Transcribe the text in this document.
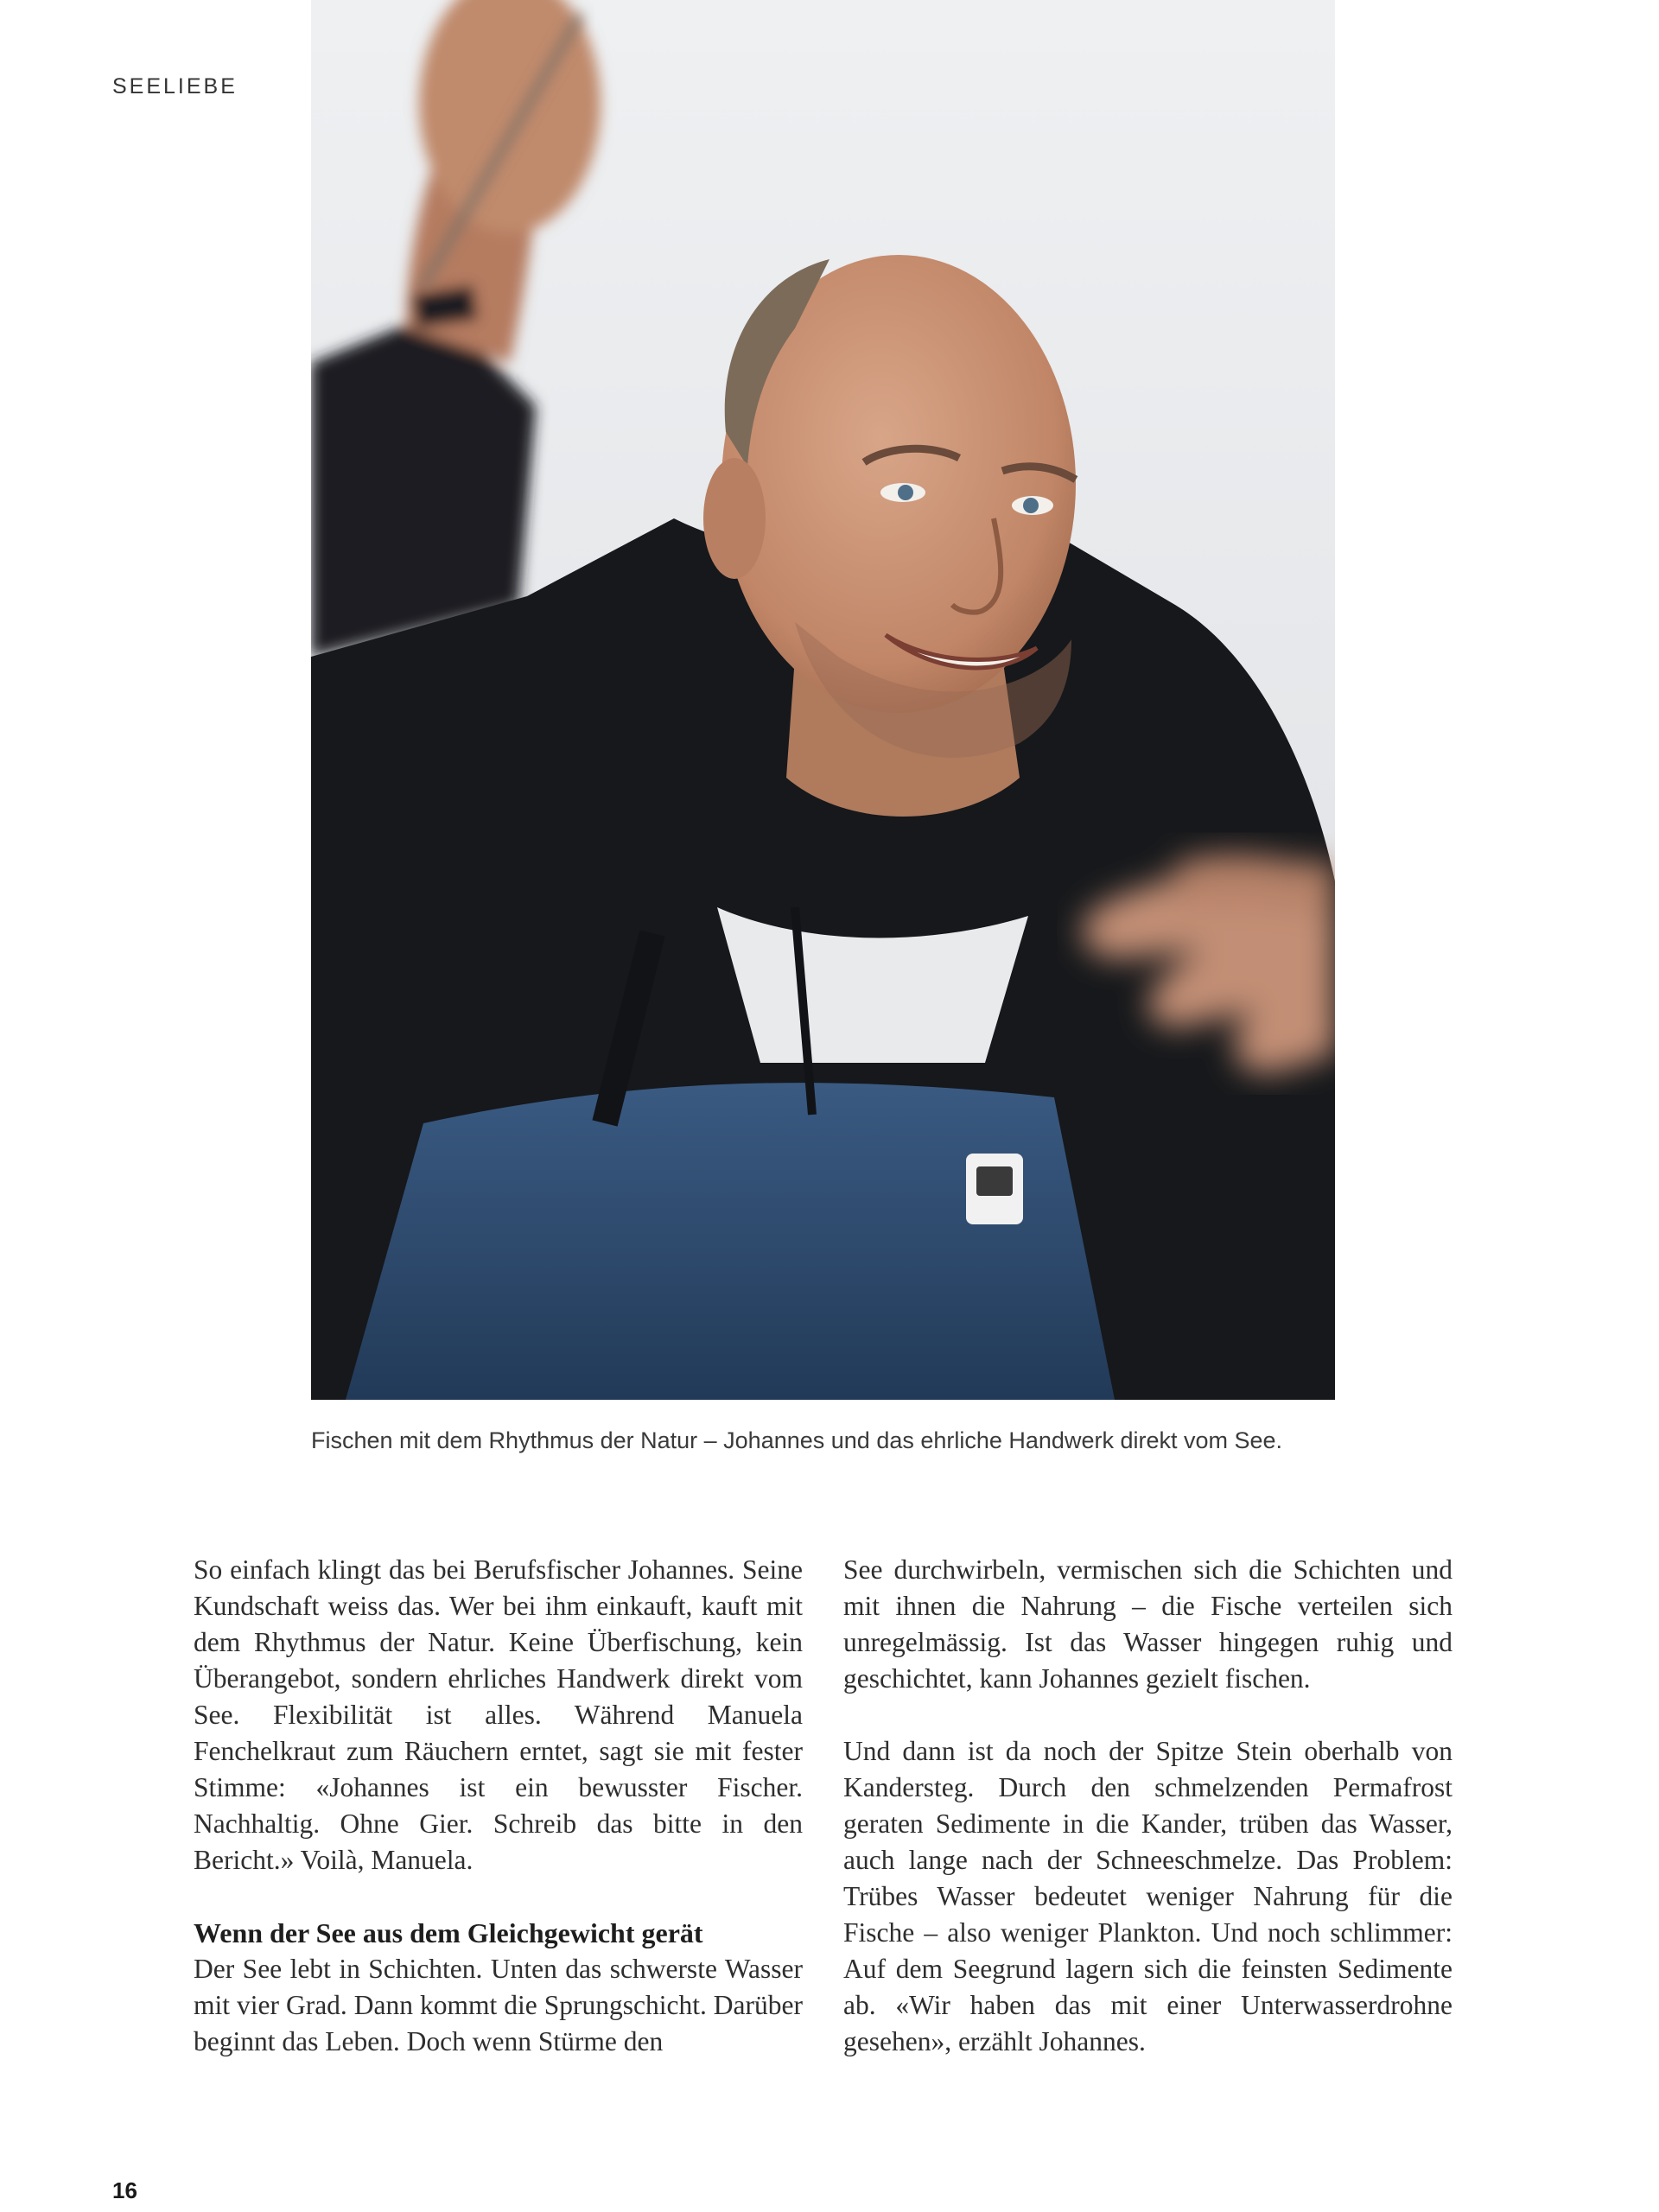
SEELIEBE
Fischen mit dem Rhythmus der Natur – Johannes und das ehrliche Handwerk direkt vom See.

So einfach klingt das bei Berufsfischer Johannes. Seine Kundschaft weiss das. Wer bei ihm einkauft, kauft mit dem Rhythmus der Natur. Keine Überfischung, kein Überangebot, sondern ehrliches Handwerk direkt vom See. Flexibilität ist alles. Während Manuela Fenchelkraut zum Räuchern erntet, sagt sie mit fester Stimme: «Johannes ist ein bewusster Fischer. Nachhaltig. Ohne Gier. Schreib das bitte in den Bericht.» Voilà, Manuela.

Wenn der See aus dem Gleichgewicht gerät

Der See lebt in Schichten. Unten das schwerste Wasser mit vier Grad. Dann kommt die Sprungschicht. Darüber beginnt das Leben. Doch wenn Stürme den

See durchwirbeln, vermischen sich die Schichten und mit ihnen die Nahrung – die Fische verteilen sich unregelmässig. Ist das Wasser hingegen ruhig und geschichtet, kann Johannes gezielt fischen.

Und dann ist da noch der Spitze Stein oberhalb von Kandersteg. Durch den schmelzenden Permafrost geraten Sedimente in die Kander, trüben das Wasser, auch lange nach der Schneeschmelze. Das Problem: Trübes Wasser bedeutet weniger Nahrung für die Fische – also weniger Plankton. Und noch schlimmer: Auf dem Seegrund lagern sich die feinsten Sedimente ab. «Wir haben das mit einer Unterwasserdrohne gesehen», erzählt Johannes.

16
